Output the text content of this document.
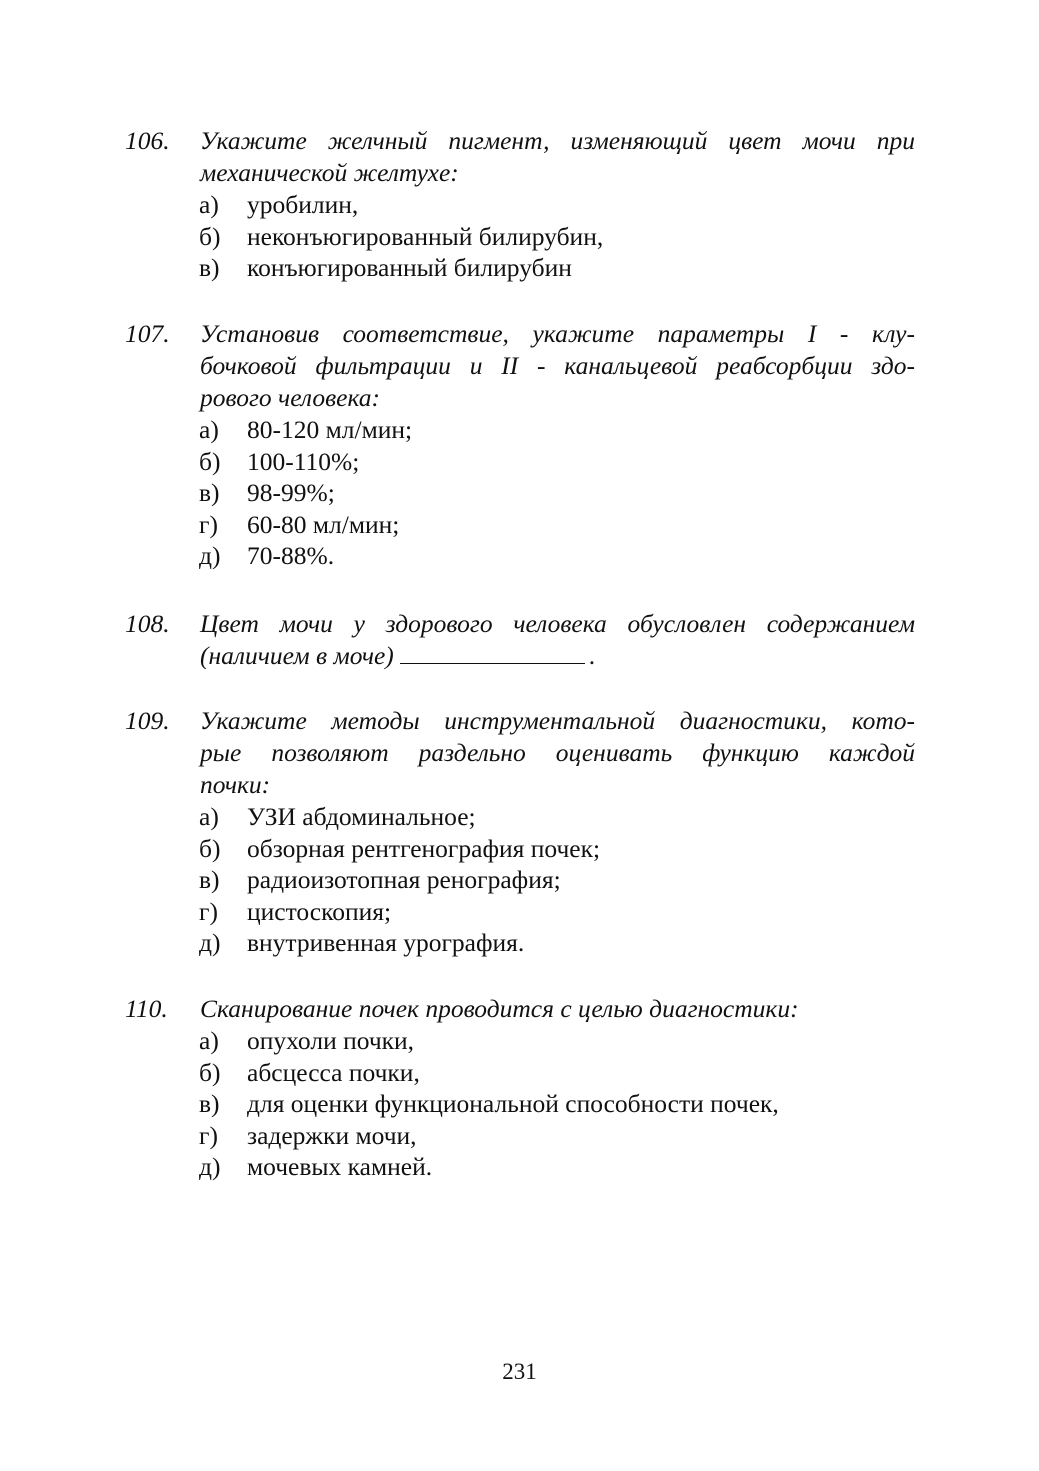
106. Укажите желчный пигмент, изменяющий цвет мочи при
механической желтухе:
а) уробилин,
б) неконъюгированный билирубин,
в) конъюгированный билирубин
107. Установив соответствие, укажите параметры I - клу-
бочковой фильтрации и II - канальцевой реабсорбции здо-
рового человека:
а) 80-120 мл/мин;
б) 100-110%;
в) 98-99%;
г) 60-80 мл/мин;
д) 70-88%.
108. Цвет мочи у здорового человека обусловлен содержанием
(наличием в моче)	.
109. Укажите методы инструментальной диагностики, кото-
рые позволяют раздельно оценивать функцию каждой
почки:
а) УЗИ абдоминальное;
б) обзорная рентгенография почек;
в) радиоизотопная ренография;
г) цистоскопия;
д) внутривенная урография.
110. Сканирование почек проводится с целью диагностики:
а) опухоли почки,
б) абсцесса почки,
в) для оценки функциональной способности почек,
г) задержки мочи,
д) мочевых камней.
231
